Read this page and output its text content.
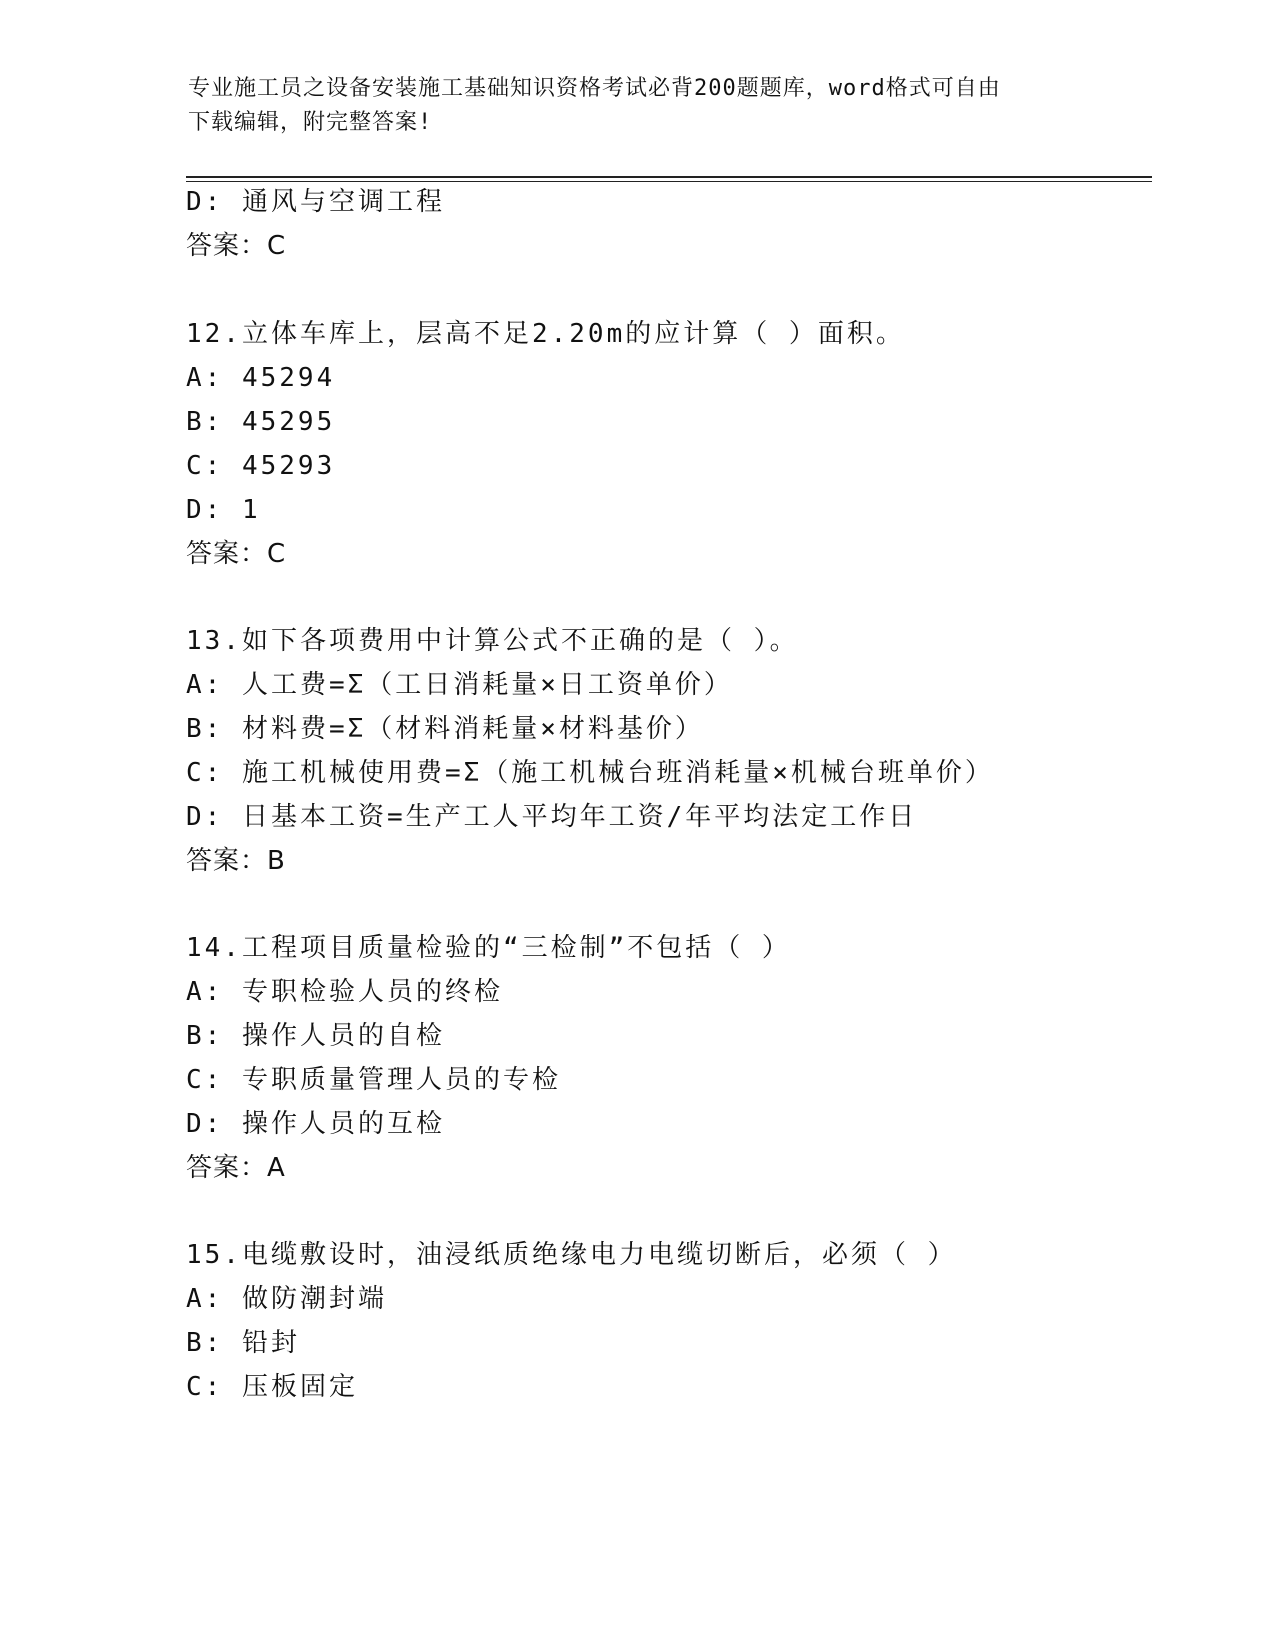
专业施工员之设备安装施工基础知识资格考试必背200题题库，word格式可自由
下载编辑，附完整答案!
D: 通风与空调工程
答案：C
12.立体车库上，层高不足2.20m的应计算（ ）面积。
A: 45294
B: 45295
C: 45293
D: 1
答案：C
13.如下各项费用中计算公式不正确的是（ ）。
A: 人工费=Σ（工日消耗量×日工资单价）
B: 材料费=Σ（材料消耗量×材料基价）
C: 施工机械使用费=Σ（施工机械台班消耗量×机械台班单价）
D: 日基本工资=生产工人平均年工资/年平均法定工作日
答案：B
14.工程项目质量检验的“三检制”不包括（ ）
A: 专职检验人员的终检
B: 操作人员的自检
C: 专职质量管理人员的专检
D: 操作人员的互检
答案：A
15.电缆敷设时，油浸纸质绝缘电力电缆切断后，必须（ ）
A: 做防潮封端
B: 铅封
C: 压板固定
